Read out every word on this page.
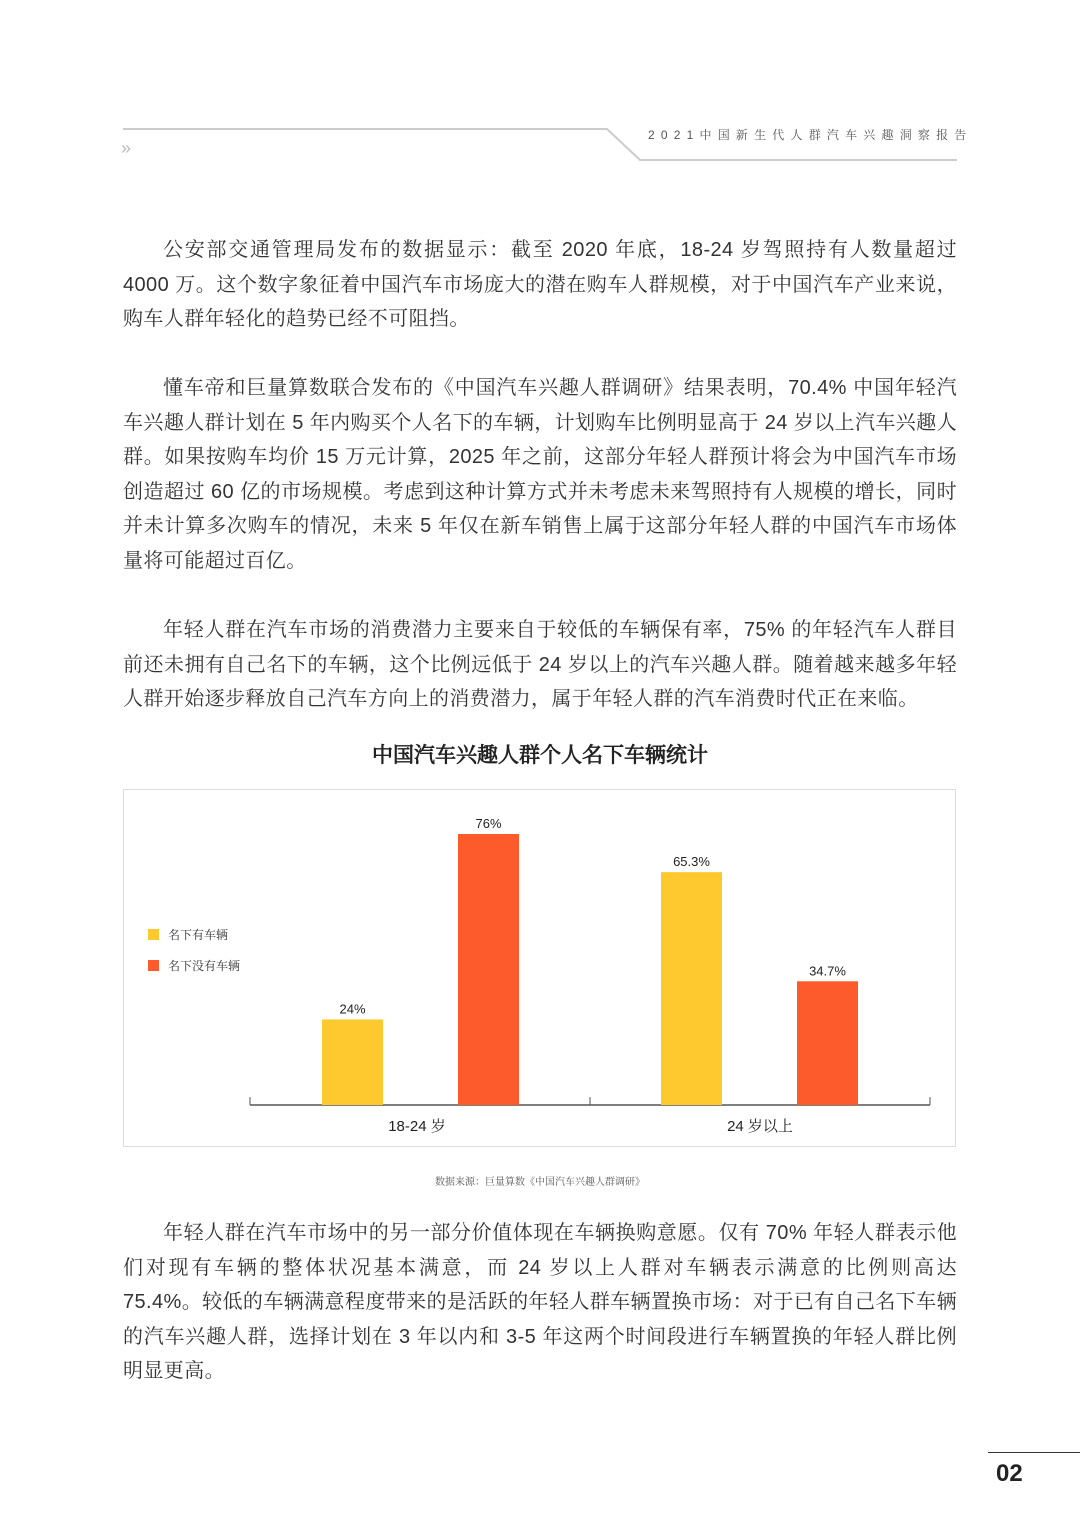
»
2021中国新生代人群汽车兴趣洞察报告

公安部交通管理局发布的数据显示：截至 2020 年底，18-24 岁驾照持有人数量超过 4000 万。这个数字象征着中国汽车市场庞大的潜在购车人群规模，对于中国汽车产业来说，购车人群年轻化的趋势已经不可阻挡。

懂车帝和巨量算数联合发布的《中国汽车兴趣人群调研》结果表明，70.4% 中国年轻汽车兴趣人群计划在 5 年内购买个人名下的车辆，计划购车比例明显高于 24 岁以上汽车兴趣人群。如果按购车均价 15 万元计算，2025 年之前，这部分年轻人群预计将会为中国汽车市场创造超过 60 亿的市场规模。考虑到这种计算方式并未考虑未来驾照持有人规模的增长，同时并未计算多次购车的情况，未来 5 年仅在新车销售上属于这部分年轻人群的中国汽车市场体量将可能超过百亿。

年轻人群在汽车市场的消费潜力主要来自于较低的车辆保有率，75% 的年轻汽车人群目前还未拥有自己名下的车辆，这个比例远低于 24 岁以上的汽车兴趣人群。随着越来越多年轻人群开始逐步释放自己汽车方向上的消费潜力，属于年轻人群的汽车消费时代正在来临。

中国汽车兴趣人群个人名下车辆统计
名下有车辆
名下没有车辆
18-24 岁	24 岁以上
24%
76%
65.3%
34.7%
数据来源：巨量算数《中国汽车兴趣人群调研》

年轻人群在汽车市场中的另一部分价值体现在车辆换购意愿。仅有 70% 年轻人群表示他们对现有车辆的整体状况基本满意，而 24 岁以上人群对车辆表示满意的比例则高达 75.4%。较低的车辆满意程度带来的是活跃的年轻人群车辆置换市场：对于已有自己名下车辆的汽车兴趣人群，选择计划在 3 年以内和 3-5 年这两个时间段进行车辆置换的年轻人群比例明显更高。

02
